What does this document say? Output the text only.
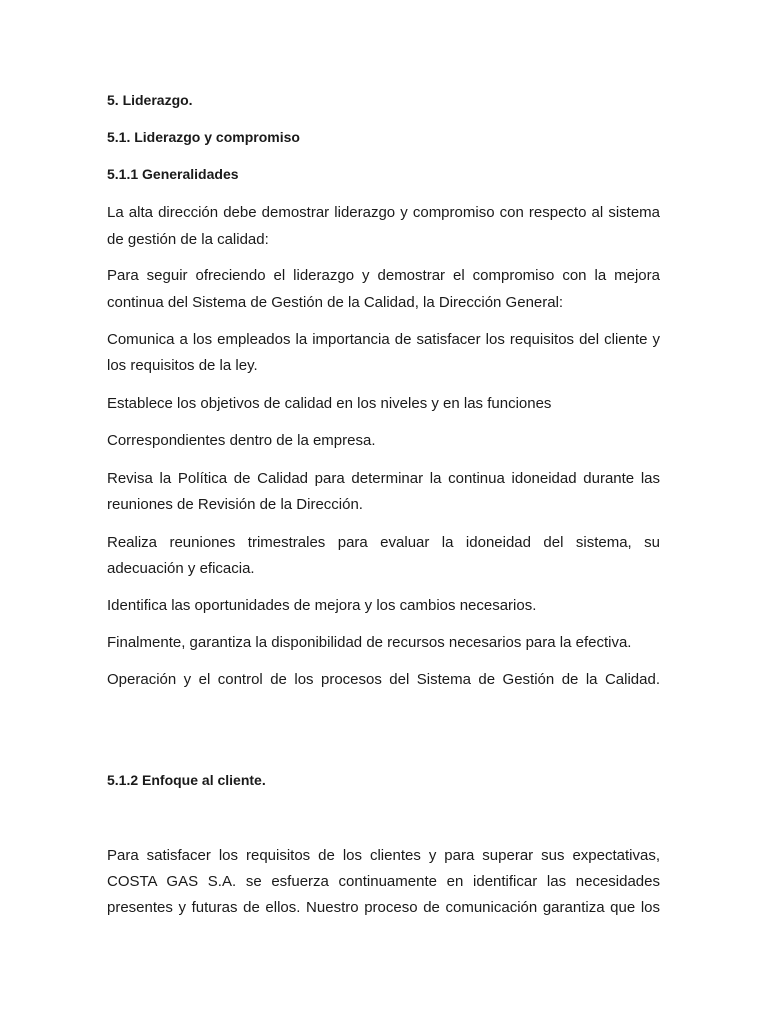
5. Liderazgo.
5.1. Liderazgo y compromiso
5.1.1 Generalidades
La alta dirección debe demostrar liderazgo y compromiso con respecto al sistema
de gestión de la calidad:
Para seguir ofreciendo el liderazgo y demostrar el compromiso con la mejora
continua del Sistema de Gestión de la Calidad, la Dirección General:
Comunica a los empleados la importancia de satisfacer los requisitos del cliente y
los requisitos de la ley.
Establece los objetivos de calidad en los niveles y en las funciones
Correspondientes dentro de la empresa.
Revisa la Política de Calidad para determinar la continua idoneidad durante las
reuniones de Revisión de la Dirección.
Realiza reuniones trimestrales para evaluar la idoneidad del sistema, su
adecuación y eficacia.
Identifica las oportunidades de mejora y los cambios necesarios.
Finalmente, garantiza la disponibilidad de recursos necesarios para la efectiva.
Operación y el control de los procesos del Sistema de Gestión de la Calidad.
5.1.2 Enfoque al cliente.
Para satisfacer los requisitos de los clientes y para superar sus expectativas,
COSTA GAS S.A. se esfuerza continuamente en identificar las necesidades
presentes y futuras de ellos. Nuestro proceso de comunicación garantiza que los
